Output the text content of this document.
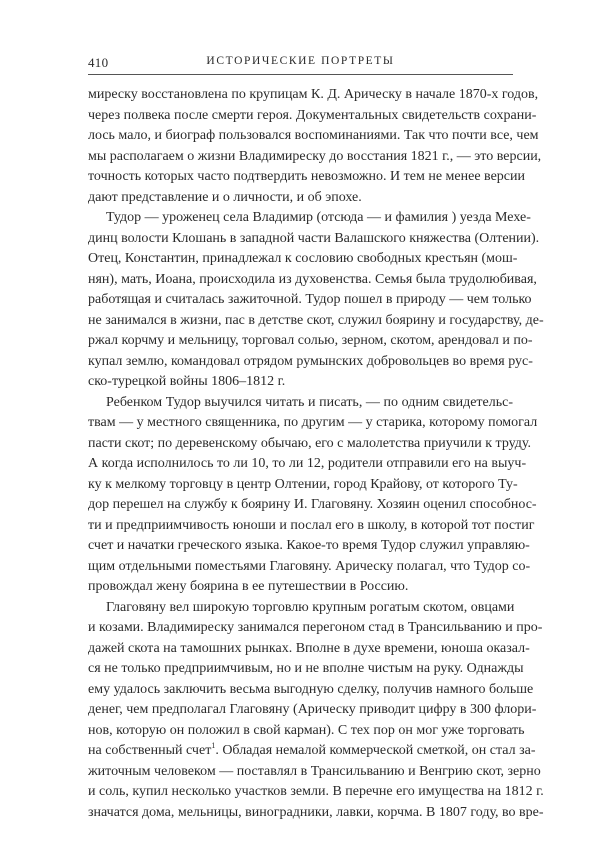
410	ИСТОРИЧЕСКИЕ ПОРТРЕТЫ
миреску восстановлена по крупицам К. Д. Арическу в начале 1870-х годов,
через полвека после смерти героя. Документальных свидетельств сохрани-
лось мало, и биограф пользовался воспоминаниями. Так что почти все, чем
мы располагаем о жизни Владимиреску до восстания 1821 г., — это версии,
точность которых часто подтвердить невозможно. И тем не менее версии
дают представление и о личности, и об эпохе.
Тудор — уроженец села Владимир (отсюда — и фамилия ) уезда Мехе-
динц волости Клошань в западной части Валашского княжества (Олтении).
Отец, Константин, принадлежал к сословию свободных крестьян (мош-
нян), мать, Иоана, происходила из духовенства. Семья была трудолюбивая,
работящая и считалась зажиточной. Тудор пошел в природу — чем только
не занимался в жизни, пас в детстве скот, служил боярину и государству, де-
ржал корчму и мельницу, торговал солью, зерном, скотом, арендовал и по-
купал землю, командовал отрядом румынских добровольцев во время рус-
ско-турецкой войны 1806–1812 г.
Ребенком Тудор выучился читать и писать, — по одним свидетельс-
твам — у местного священника, по другим — у старика, которому помогал
пасти скот; по деревенскому обычаю, его с малолетства приучили к труду.
А когда исполнилось то ли 10, то ли 12, родители отправили его на выуч-
ку к мелкому торговцу в центр Олтении, город Крайову, от которого Ту-
дор перешел на службу к боярину И. Глаговяну. Хозяин оценил способнос-
ти и предприимчивость юноши и послал его в школу, в которой тот постиг
счет и начатки греческого языка. Какое-то время Тудор служил управляю-
щим отдельными поместьями Глаговяну. Арическу полагал, что Тудор со-
провождал жену боярина в ее путешествии в Россию.
Глаговяну вел широкую торговлю крупным рогатым скотом, овцами
и козами. Владимиреску занимался перегоном стад в Трансильванию и про-
дажей скота на тамошних рынках. Вполне в духе времени, юноша оказал-
ся не только предприимчивым, но и не вполне чистым на руку. Однажды
ему удалось заключить весьма выгодную сделку, получив намного больше
денег, чем предполагал Глаговяну (Арическу приводит цифру в 300 флори-
нов, которую он положил в свой карман). С тех пор он мог уже торговать
на собственный счет$^1$. Обладая немалой коммерческой сметкой, он стал за-
житочным человеком — поставлял в Трансильванию и Венгрию скот, зерно
и соль, купил несколько участков земли. В перечне его имущества на 1812 г.
значатся дома, мельницы, виноградники, лавки, корчма. В 1807 году, во вре-
